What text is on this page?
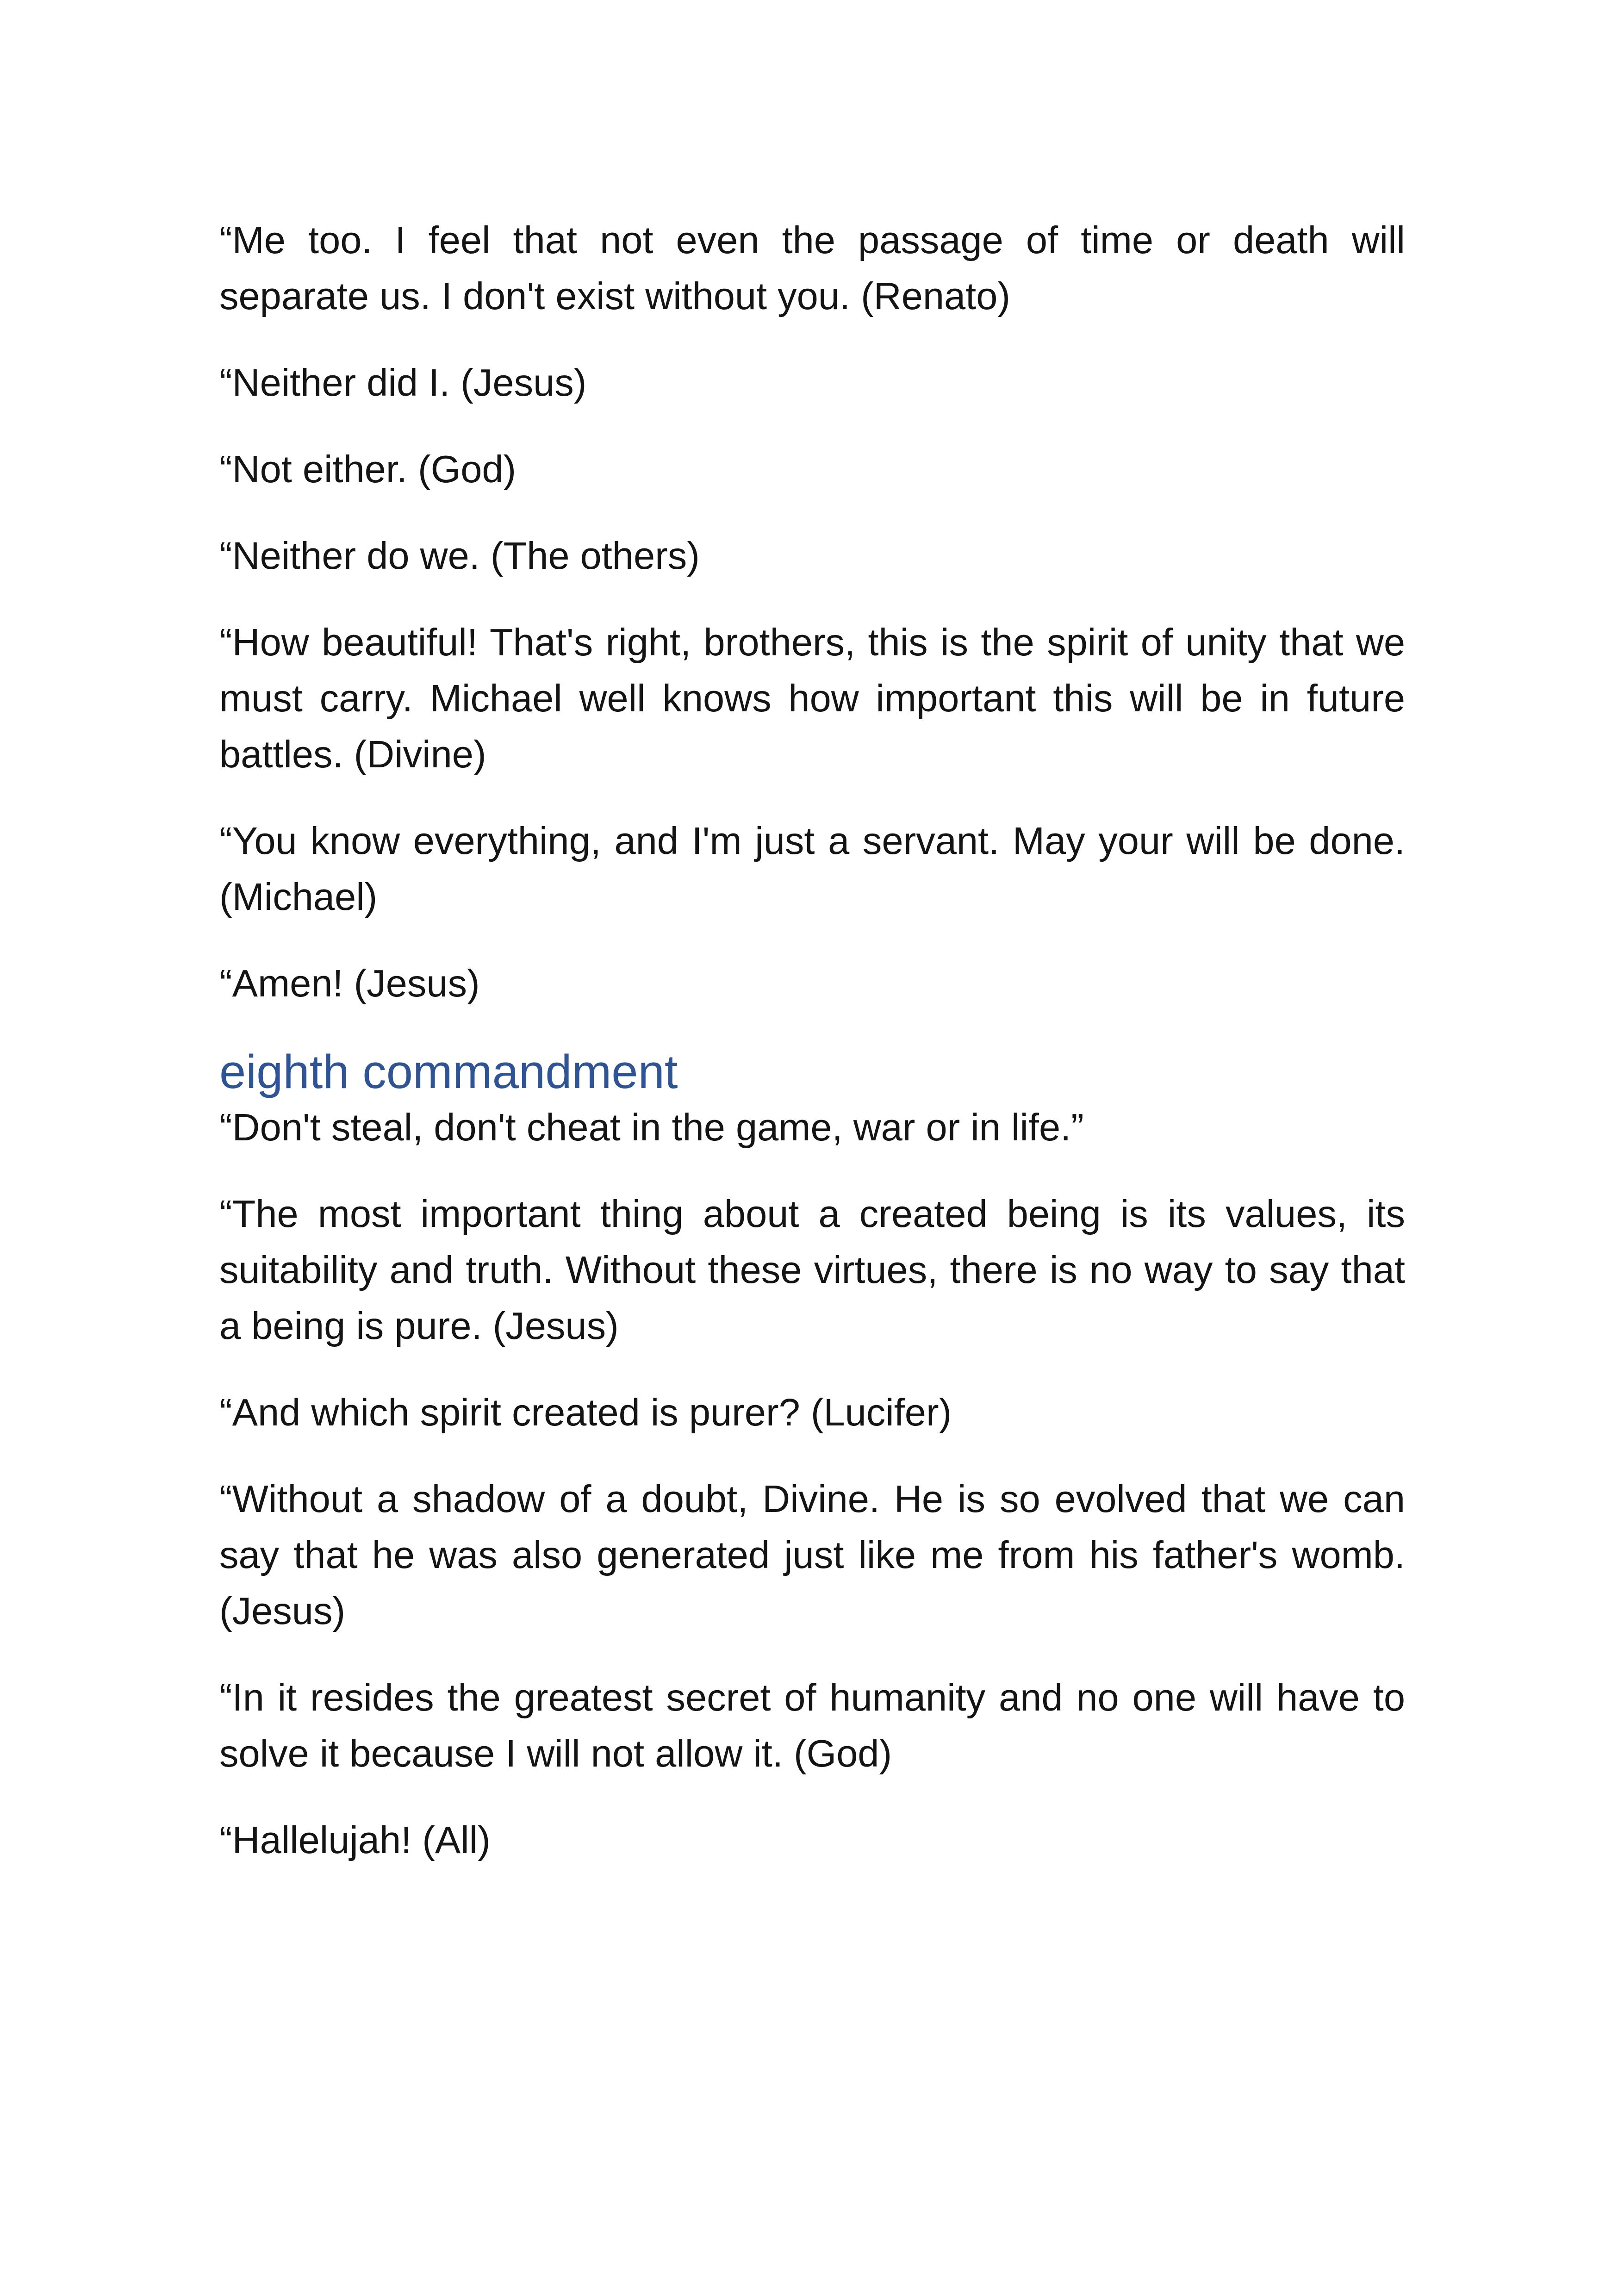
“Me too. I feel that not even the passage of time or death will separate us. I don't exist without you. (Renato)

“Neither did I. (Jesus)

“Not either. (God)

“Neither do we. (The others)

“How beautiful! That's right, brothers, this is the spirit of unity that we must carry. Michael well knows how important this will be in future battles. (Divine)

“You know everything, and I'm just a servant. May your will be done. (Michael)

“Amen! (Jesus)

eighth commandment

“Don't steal, don't cheat in the game, war or in life.”

“The most important thing about a created being is its values, its suitability and truth. Without these virtues, there is no way to say that a being is pure. (Jesus)

“And which spirit created is purer? (Lucifer)

“Without a shadow of a doubt, Divine. He is so evolved that we can say that he was also generated just like me from his father's womb. (Jesus)

“In it resides the greatest secret of humanity and no one will have to solve it because I will not allow it. (God)

“Hallelujah! (All)
